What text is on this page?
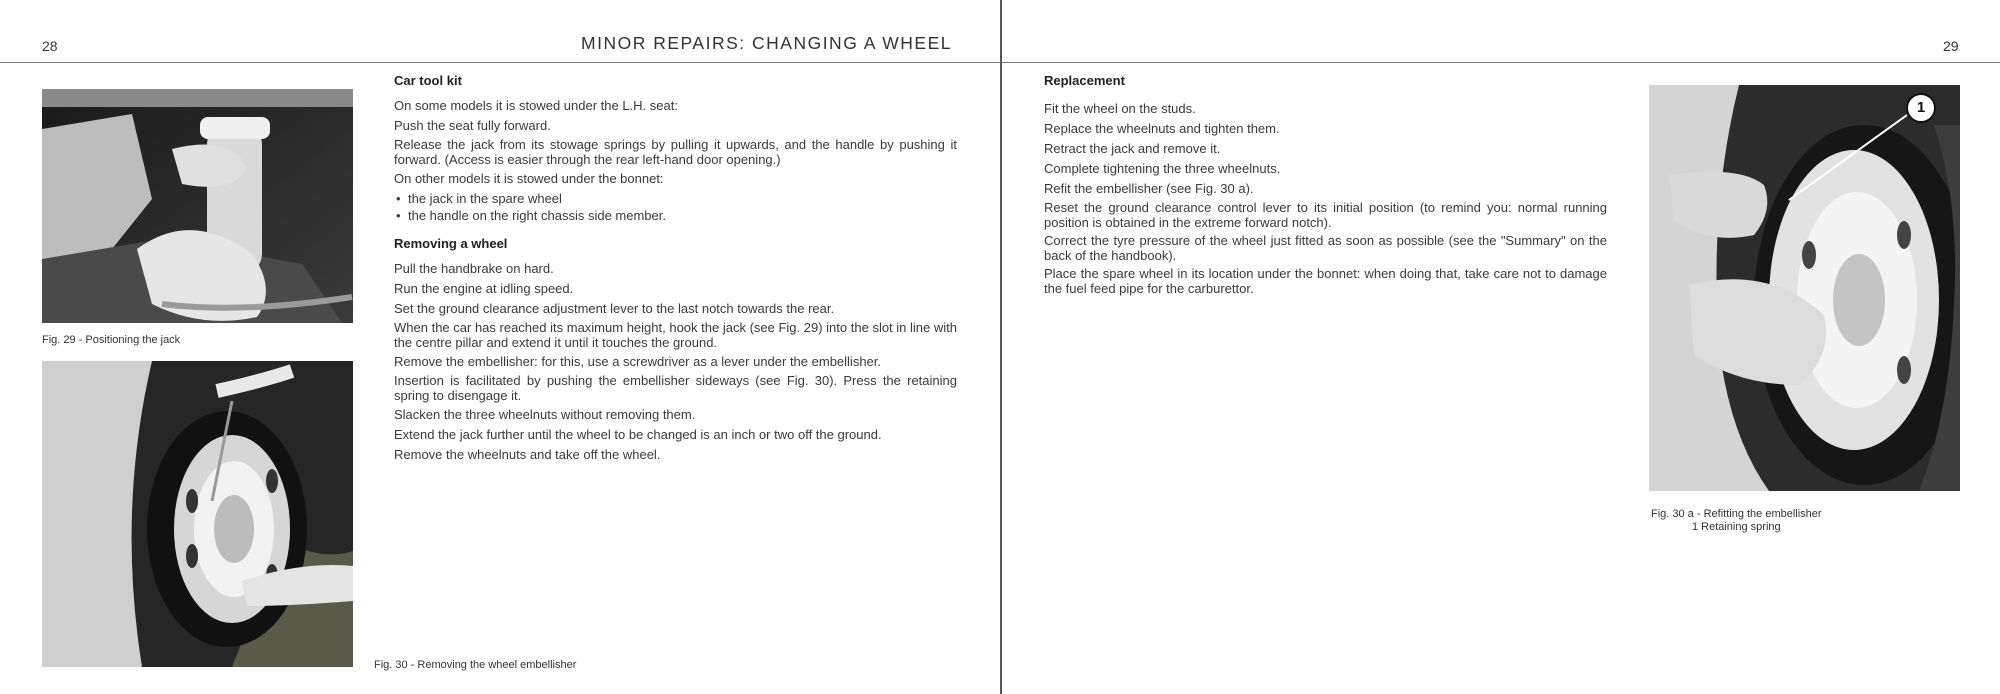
28	MINOR REPAIRS: CHANGING A WHEEL
Fig. 29 - Positioning the jack
Fig. 30 - Removing the wheel embellisher
Car tool kit

On some models it is stowed under the L.H. seat:

Push the seat fully forward.

Release the jack from its stowage springs by pulling it upwards, and the handle by pushing it forward. (Access is easier through the rear left-hand door opening.)

On other models it is stowed under the bonnet:

• the jack in the spare wheel
• the handle on the right chassis side member.
Removing a wheel

Pull the handbrake on hard.

Run the engine at idling speed.

Set the ground clearance adjustment lever to the last notch towards the rear.

When the car has reached its maximum height, hook the jack (see Fig. 29) into the slot in line with the centre pillar and extend it until it touches the ground.

Remove the embellisher: for this, use a screwdriver as a lever under the embellisher.

Insertion is facilitated by pushing the embellisher sideways (see Fig. 30). Press the retaining spring to disengage it.

Slacken the three wheelnuts without removing them.

Extend the jack further until the wheel to be changed is an inch or two off the ground.

Remove the wheelnuts and take off the wheel.

29
Replacement

Fit the wheel on the studs.

Replace the wheelnuts and tighten them.

Retract the jack and remove it.

Complete tightening the three wheelnuts.

Refit the embellisher (see Fig. 30 a).

Reset the ground clearance control lever to its initial position (to remind you: normal running position is obtained in the extreme forward notch).

Correct the tyre pressure of the wheel just fitted as soon as possible (see the "Summary" on the back of the handbook).

Place the spare wheel in its location under the bonnet: when doing that, take care not to damage the fuel feed pipe for the carburettor.

1
Fig. 30 a - Refitting the embellisher
1 Retaining spring
